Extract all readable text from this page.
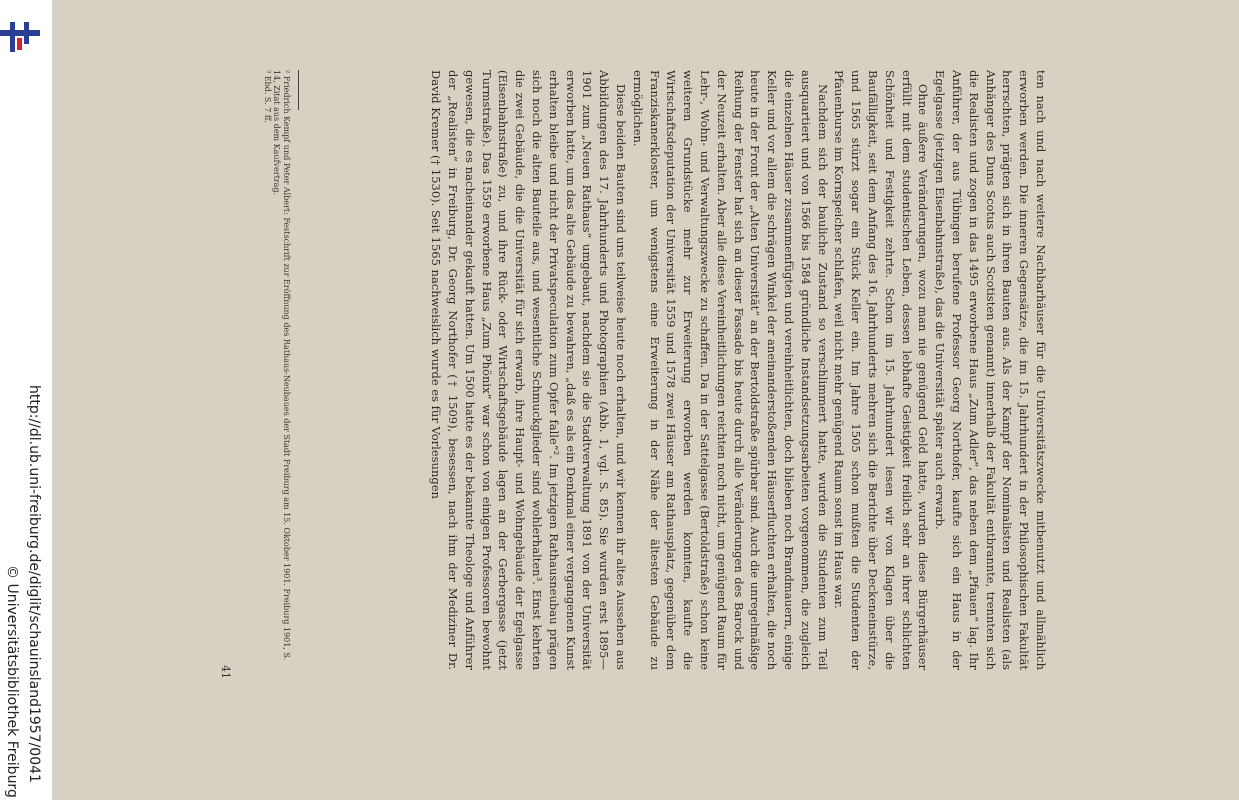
http://dl.ub.uni-freiburg.de/diglit/schauinsland1957/0041
© Universitätsbibliothek Freiburg

ten nach und nach weitere Nachbarhäuser für die Universitätszwecke mitbenutzt und allmählich erworben werden. Die inneren Gegensätze, die im 15. Jahrhundert in der Philosophischen Fakultät herrschten, prägten sich in ihren Bauten aus. Als der Kampf der Nominalisten und Realisten (als Anhänger des Duns Scotus auch Scotisten genannt) innerhalb der Fakultät entbrannte, trennten sich die Realisten und zogen in das 1495 erworbene Haus „Zum Adler“, das neben dem „Pfauen“ lag. Ihr Anführer, der aus Tübingen berufene Professor Georg Northofer, kaufte sich ein Haus in der Egelgasse (jetzigen Eisenbahnstraße), das die Universität später auch erwarb.

Ohne äußere Veränderungen, wozu man nie genügend Geld hatte, wurden diese Bürgerhäuser erfüllt mit dem studentischen Leben, dessen lebhafte Geistigkeit freilich sehr an ihrer schlichten Schönheit und Festigkeit zehrte. Schon im 15. Jahrhundert lesen wir von Klagen über die Baufälligkeit, seit dem Anfang des 16. Jahrhunderts mehren sich die Berichte über Deckeneinstürze, und 1565 stürzt sogar ein Stück Keller ein. Im Jahre 1505 schon mußten die Studenten der Pfauenburse im Kornspeicher schlafen, weil nicht mehr genügend Raum sonst im Haus war.

Nachdem sich der bauliche Zustand so verschlimmert hatte, wurden die Studenten zum Teil ausquartiert und von 1566 bis 1584 gründliche Instandsetzungsarbeiten vorgenommen, die zugleich die einzelnen Häuser zusammenfügten und vereinheitlichten, doch blieben noch Brandmauern, einige Keller und vor allem die schrägen Winkel der aneinanderstoßenden Häuserfluchten erhalten, die noch heute in der Front der „Alten Universität“ an der Bertoldstraße spürbar sind. Auch die unregelmäßige Reihung der Fenster hat sich an dieser Fassade bis heute durch alle Veränderungen des Barock und der Neuzeit erhalten. Aber alle diese Vereinheitlichungen reichten noch nicht, um genügend Raum für Lehr-, Wohn- und Verwaltungszwecke zu schaffen. Da in der Sattelgasse (Bertoldstraße) schon keine weiteren Grundstücke mehr zur Erweiterung erworben werden konnten, kaufte die Wirtschaftsdeputation der Universität 1559 und 1578 zwei Häuser am Rathausplatz, gegenüber dem Franziskanerkloster, um wenigstens eine Erweiterung in der Nähe der ältesten Gebäude zu ermöglichen.

Diese beiden Bauten sind uns teilweise heute noch erhalten, und wir kennen ihr altes Aussehen aus Abbildungen des 17. Jahrhunderts und Photographien (Abb. 1, vgl. S. 85). Sie wurden erst 1895—1901 zum „Neuen Rathaus“ umgebaut, nachdem sie die Stadtverwaltung 1891 von der Universität erworben hatte, um das alte Gebäude zu bewahren, „daß es als ein Denkmal einer vergangenen Kunst erhalten bleibe und nicht der Privatspeculation zum Opfer falle“². Im jetzigen Rathausneubau prägen sich noch die alten Bauteile aus, und wesentliche Schmuckglieder sind wohlerhalten³. Einst kehrten die zwei Gebäude, die die Universität für sich erwarb, ihre Haupt- und Wohngebäude der Egelgasse (Eisenbahnstraße) zu, und ihre Rück- oder Wirtschaftsgebäude lagen an der Gerbergasse (jetzt Turmstraße). Das 1559 erworbene Haus „Zum Phönix“ war schon von einigen Professoren bewohnt gewesen, die es nacheinander gekauft hatten. Um 1500 hatte es der bekannte Theologe und Anführer der „Realisten“ in Freiburg, Dr. Georg Northofer († 1509), besessen, nach ihm der Mediziner Dr. David Kremer († 1530). Seit 1565 nachweislich wurde es für Vorlesungen

² Friedrich Kempf und Peter Albert: Festschrift zur Eröffnung des Rathaus-Neubaues der Stadt Freiburg am 15. Oktober 1901. Freiburg 1901, S. 14, Zitat aus dem Kaufvertrag.
³ Ebd. S. 7 ff.
41
